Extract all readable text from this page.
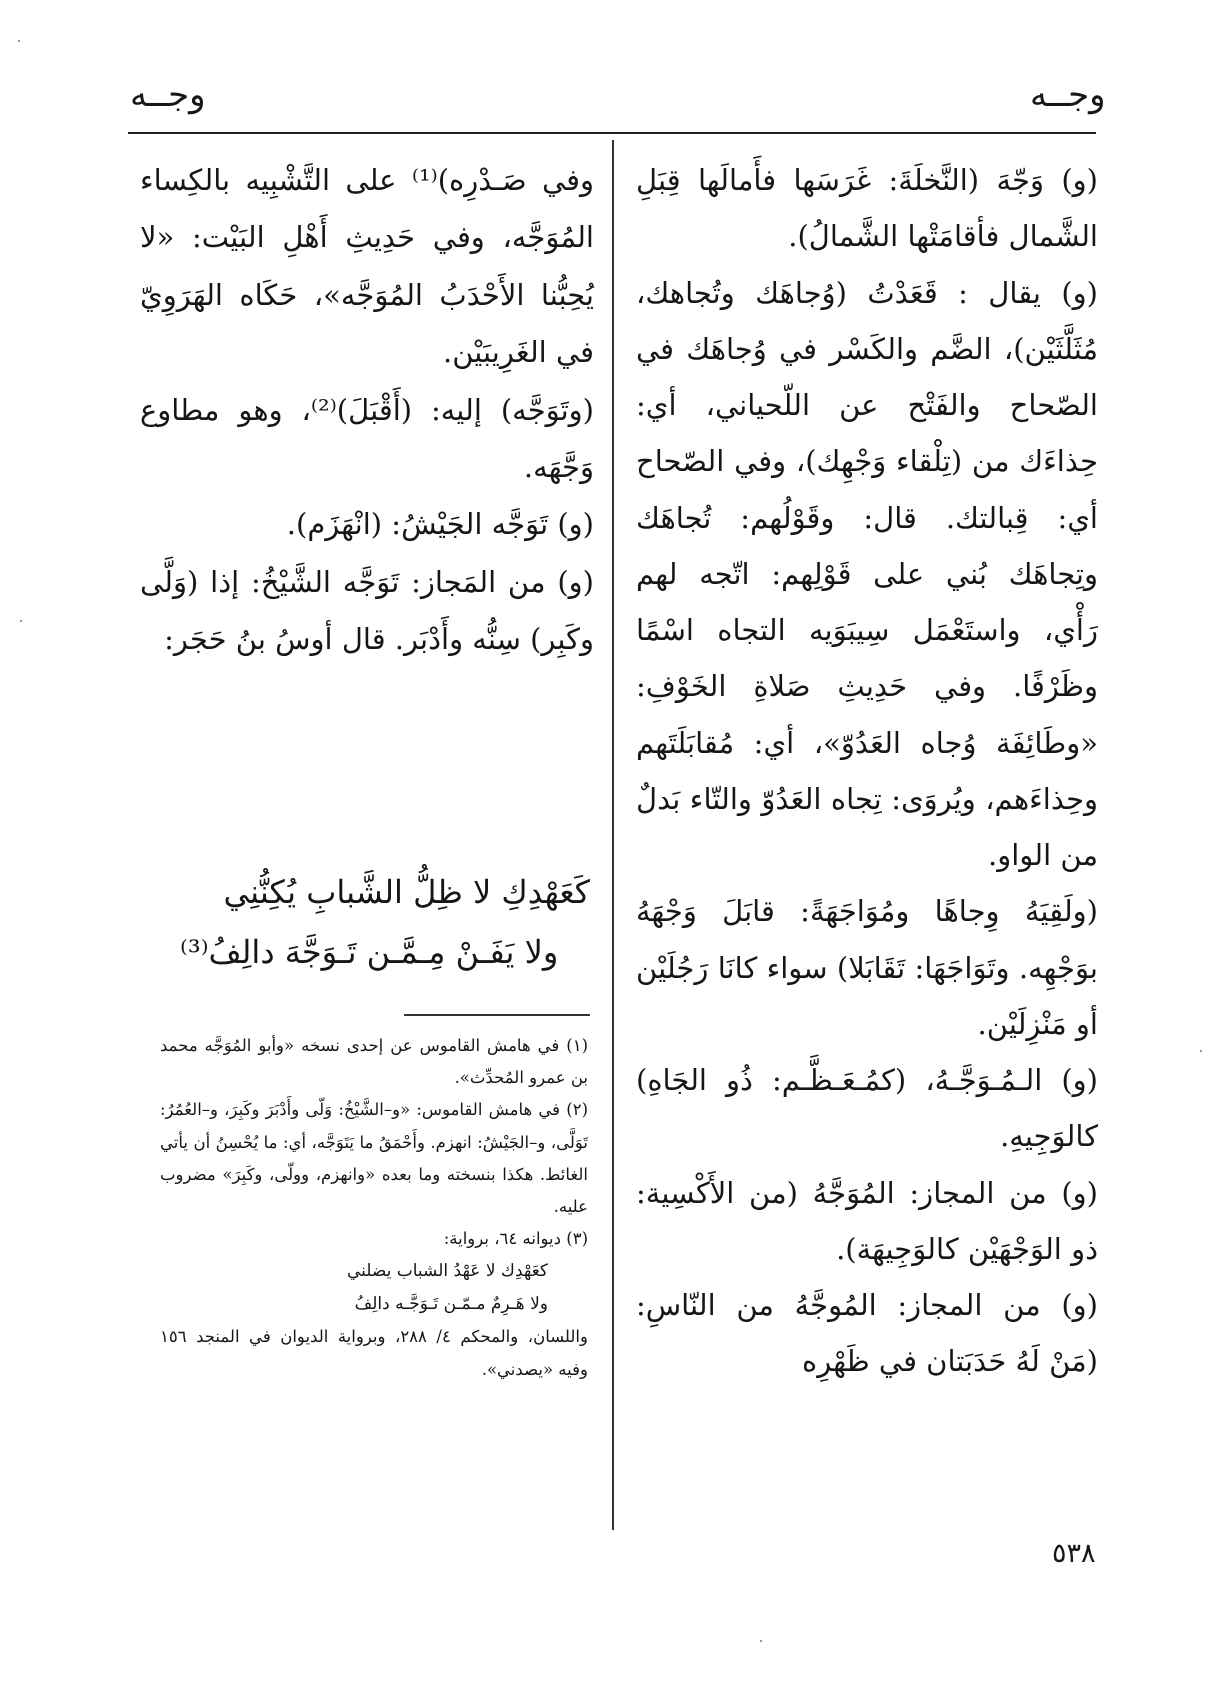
وجــه
وجــه

(و) وَجّهَ (النَّخلَةَ: غَرَسَها فأَمالَها قِبَلِ الشَّمال فأقامَتْها الشَّمالُ).

(و) يقال : قَعَدْتُ (وُجاهَك وتُجاهك، مُثَلَّثَيْن)، الضَّم والكَسْر في وُجاهَك في الصّحاح والفَتْح عن اللّحياني، أي: حِذاءَك من (تِلْقاء وَجْهِك)، وفي الصّحاح أي: قِبالتك. قال: وقَوْلُهم: تُجاهَك وتِجاهَك بُني على قَوْلِهم: اتّجه لهم رَأْي، واستَعْمَل سِيبَوَيه التجاه اسْمًا وظَرْفًا. وفي حَدِيثِ صَلاةِ الخَوْفِ: «وطَائِفَة وُجاه العَدُوّ»، أي: مُقابَلَتَهم وحِذاءَهم، ويُروَى: تِجاه العَدُوّ والتّاء بَدلٌ من الواو.

(ولَقِيَهُ وِجاهًا ومُوَاجَهَةً: قابَلَ وَجْهَهُ بوَجْهِه. وتَوَاجَهَا: تَقَابَلا) سواء كانَا رَجُلَيْن أو مَنْزِلَيْن.

(و) الـمُـوَجَّـهُ، (كمُـعَـظَّـم: ذُو الجَاهِ) كالوَجِيهِ.

(و) من المجاز: المُوَجَّهُ (من الأَكْسِية: ذو الوَجْهَيْن كالوَجِيهَة).

(و) من المجاز: المُوجَّهُ من النّاسِ: (مَنْ لَهُ حَدَبَتان في ظَهْرِه

وفي صَـدْرِه)⁽¹⁾ على التَّشْبِيه بالكِساء المُوَجَّه، وفي حَدِيثِ أَهْلِ البَيْت: «لا يُحِبُّنا الأَحْدَبُ المُوَجَّه»، حَكَاه الهَرَوِيّ في الغَرِيبَيْن.

(وتَوَجَّه) إليه: (أَقْبَلَ)⁽²⁾، وهو مطاوع وَجَّهَه.

(و) تَوَجَّه الجَيْشُ: (انْهَزَم).

(و) من المَجاز: تَوَجَّه الشَّيْخُ: إذا (وَلَّى وكَبِر) سِنُّه وأَدْبَر. قال أوسُ بنُ حَجَر:

كَعَهْدِكِ لا ظِلُّ الشَّبابِ يُكِنُّنِي
ولا يَفَـنْ مِـمَّـن تَـوَجَّهَ دالِفُ⁽³⁾

(١) في هامش القاموس عن إحدى نسخه «وأبو المُوَجَّه محمد بن عمرو المُحدِّث».

(٢) في هامش القاموس: «و–الشَّيْخُ: وَلّى وأَدْبَرَ وكَبِرَ، و–العُمُرُ: تَوَلَّى، و–الجَيْشُ: انهزم. وأَحْمَقُ ما يَتَوَجَّه، أي: ما يُحْسِنُ أن يأتي الغائط. هكذا بنسخته وما بعده «وانهزم، وولّى، وكَبِرَ» مضروب عليه.

(٣) ديوانه ٦٤، برواية:

كعَهْدِك لا عَهْدُ الشباب يضلني

ولا هَـرِمٌ مـمّـن تَـوَجَّـه دالِفُ

واللسان، والمحكم ٤/ ٢٨٨، وبرواية الديوان في المنجد ١٥٦ وفيه «يصدني».

٥٣٨
